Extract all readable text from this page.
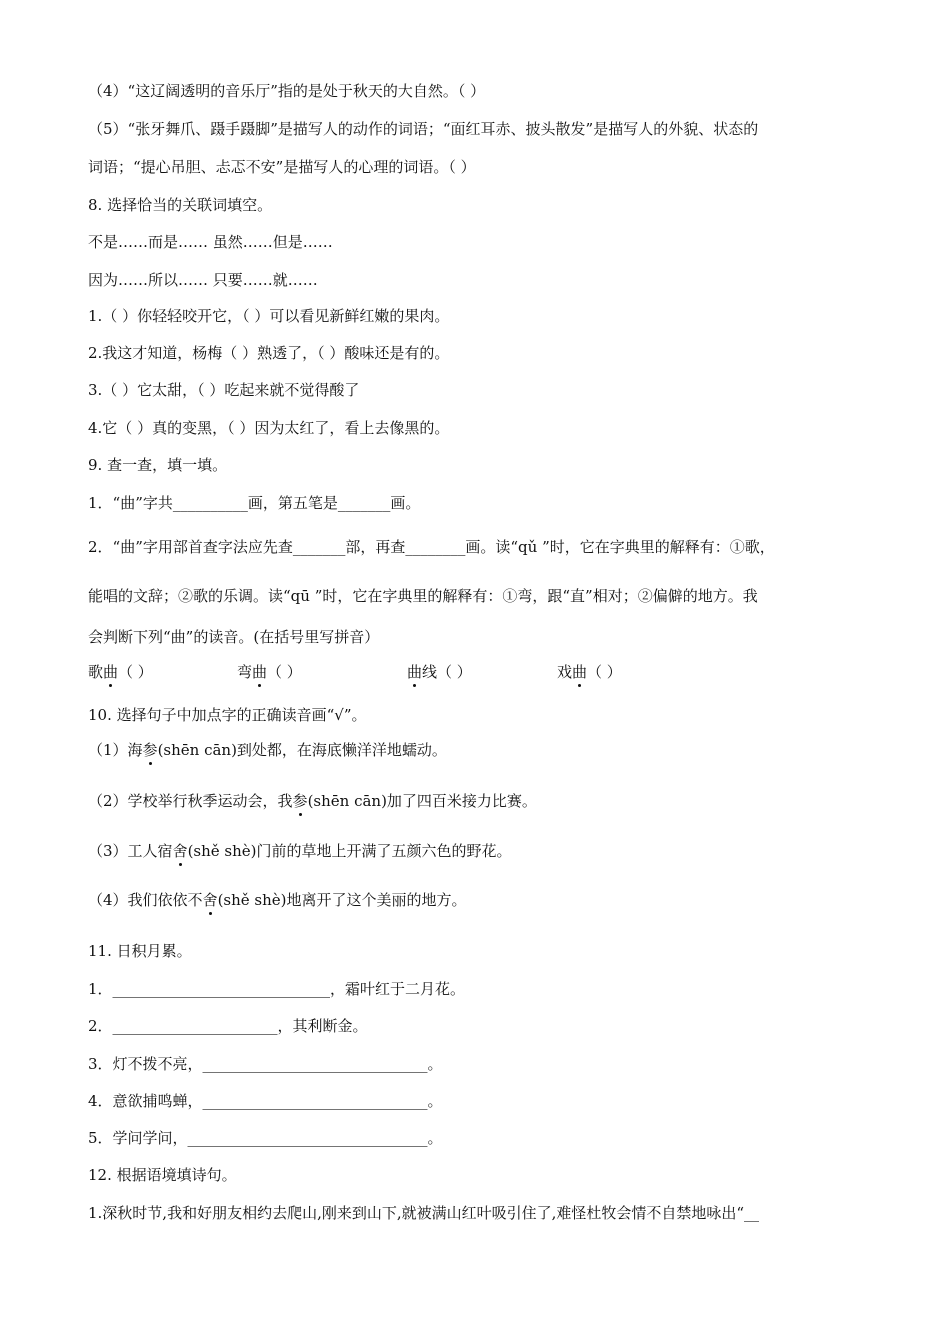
（4）“这辽阔透明的音乐厅”指的是处于秋天的大自然。（ ）
（5）“张牙舞爪、蹑手蹑脚”是描写人的动作的词语；“面红耳赤、披头散发”是描写人的外貌、状态的
词语；“提心吊胆、忐忑不安”是描写人的心理的词语。（ ）
8. 选择恰当的关联词填空。
不是……而是…… 虽然……但是……
因为……所以…… 只要……就……
1.（ ）你轻轻咬开它，（ ）可以看见新鲜红嫩的果肉。
2.我这才知道，杨梅（ ）熟透了，（ ）酸味还是有的。
3.（ ）它太甜，（ ）吃起来就不觉得酸了
4.它（ ）真的变黑，（ ）因为太红了，看上去像黑的。
9. 查一查，填一填。
1．“曲”字共__________画，第五笔是_______画。
2．“曲”字用部首查字法应先查_______部，再查________画。读“qǔ ”时，它在字典里的解释有：①歌，
能唱的文辞；②歌的乐调。读“qū ”时，它在字典里的解释有：①弯，跟“直”相对；②偏僻的地方。我
会判断下列“曲”的读音。(在括号里写拼音）
歌曲（ ）	弯曲（ ）	曲线（ ）	戏曲（ ）
10. 选择句子中加点字的正确读音画“√”。
（1）海参(shēn cān)到处都，在海底懒洋洋地蠕动。
（2）学校举行秋季运动会，我参(shēn cān)加了四百米接力比赛。
（3）工人宿舍(shě shè)门前的草地上开满了五颜六色的野花。
（4）我们依依不舍(shě shè)地离开了这个美丽的地方。
11. 日积月累。
1．_____________________________，霜叶红于二月花。
2．______________________，其利断金。
3．灯不拨不亮，______________________________。
4．意欲捕鸣蝉，______________________________。
5．学问学问，________________________________。
12. 根据语境填诗句。
1.深秋时节,我和好朋友相约去爬山,刚来到山下,就被满山红叶吸引住了,难怪杜牧会情不自禁地咏出“__
